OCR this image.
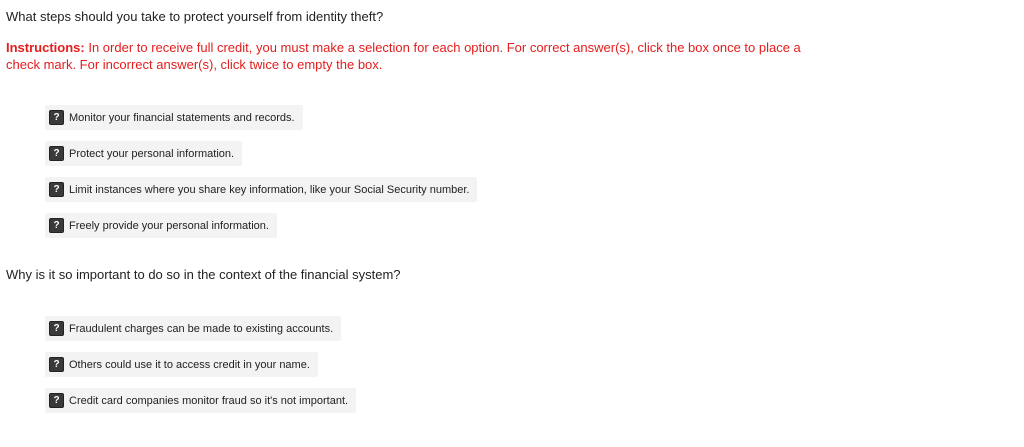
What steps should you take to protect yourself from identity theft?

Instructions: In order to receive full credit, you must make a selection for each option. For correct answer(s), click the box once to place a check mark. For incorrect answer(s), click twice to empty the box.

? Monitor your financial statements and records.
? Protect your personal information.
? Limit instances where you share key information, like your Social Security number.
? Freely provide your personal information.

Why is it so important to do so in the context of the financial system?

? Fraudulent charges can be made to existing accounts.
? Others could use it to access credit in your name.
? Credit card companies monitor fraud so it's not important.
